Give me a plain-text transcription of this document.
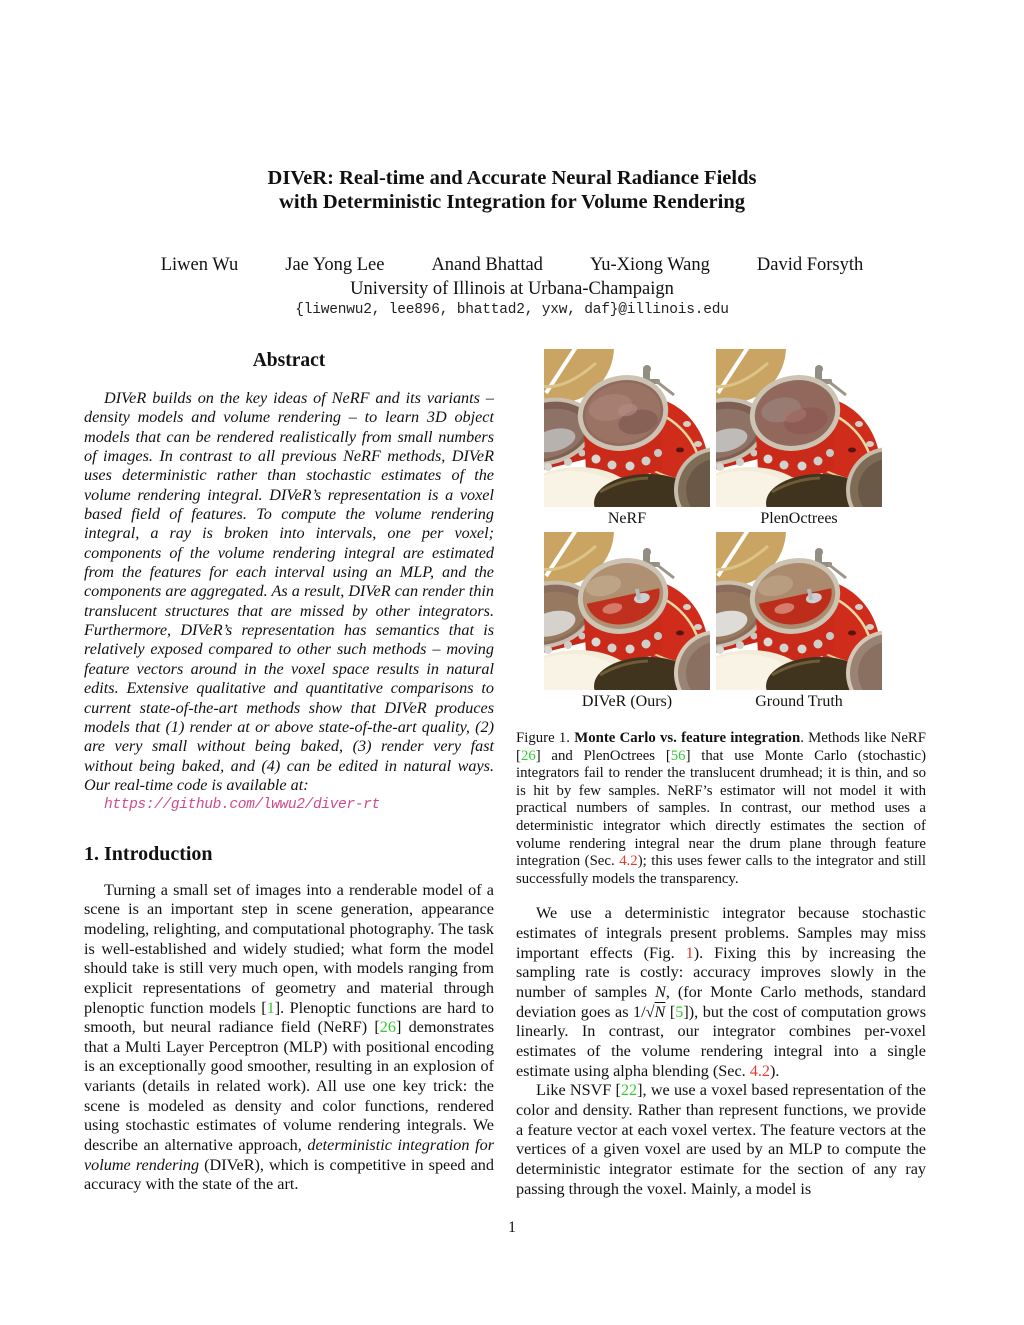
DIVeR: Real-time and Accurate Neural Radiance Fields
with Deterministic Integration for Volume Rendering
Liwen Wu	Jae Yong Lee	Anand Bhattad	Yu-Xiong Wang	David Forsyth
University of Illinois at Urbana-Champaign
{liwenwu2, lee896, bhattad2, yxw, daf}@illinois.edu
Abstract

DIVeR builds on the key ideas of NeRF and its variants – density models and volume rendering – to learn 3D object models that can be rendered realistically from small numbers of images. In contrast to all previous NeRF methods, DIVeR uses deterministic rather than stochastic estimates of the volume rendering integral. DIVeR’s representation is a voxel based field of features. To compute the volume rendering integral, a ray is broken into intervals, one per voxel; components of the volume rendering integral are estimated from the features for each interval using an MLP, and the components are aggregated. As a result, DIVeR can render thin translucent structures that are missed by other integrators. Furthermore, DIVeR’s representation has semantics that is relatively exposed compared to other such methods – moving feature vectors around in the voxel space results in natural edits. Extensive qualitative and quantitative comparisons to current state-of-the-art methods show that DIVeR produces models that (1) render at or above state-of-the-art quality, (2) are very small without being baked, (3) render very fast without being baked, and (4) can be edited in natural ways. Our real-time code is available at:
https://github.com/lwwu2/diver-rt

1. Introduction

Turning a small set of images into a renderable model of a scene is an important step in scene generation, appearance modeling, relighting, and computational photography. The task is well-established and widely studied; what form the model should take is still very much open, with models ranging from explicit representations of geometry and material through plenoptic function models [1]. Plenoptic functions are hard to smooth, but neural radiance field (NeRF) [26] demonstrates that a Multi Layer Perceptron (MLP) with positional encoding is an exceptionally good smoother, resulting in an explosion of variants (details in related work). All use one key trick: the scene is modeled as density and color functions, rendered using stochastic estimates of volume rendering integrals. We describe an alternative approach, deterministic integration for volume rendering (DIVeR), which is competitive in speed and accuracy with the state of the art.

NeRF	PlenOctrees
DIVeR (Ours)	Ground Truth
Figure 1. Monte Carlo vs. feature integration. Methods like NeRF [26] and PlenOctrees [56] that use Monte Carlo (stochastic) integrators fail to render the translucent drumhead; it is thin, and so is hit by few samples. NeRF’s estimator will not model it with practical numbers of samples. In contrast, our method uses a deterministic integrator which directly estimates the section of volume rendering integral near the drum plane through feature integration (Sec. 4.2); this uses fewer calls to the integrator and still successfully models the transparency.

We use a deterministic integrator because stochastic estimates of integrals present problems. Samples may miss important effects (Fig. 1). Fixing this by increasing the sampling rate is costly: accuracy improves slowly in the number of samples N, (for Monte Carlo methods, standard deviation goes as 1/√N [5]), but the cost of computation grows linearly. In contrast, our integrator combines per-voxel estimates of the volume rendering integral into a single estimate using alpha blending (Sec. 4.2).

Like NSVF [22], we use a voxel based representation of the color and density. Rather than represent functions, we provide a feature vector at each voxel vertex. The feature vectors at the vertices of a given voxel are used by an MLP to compute the deterministic integrator estimate for the section of any ray passing through the voxel. Mainly, a model is

1
